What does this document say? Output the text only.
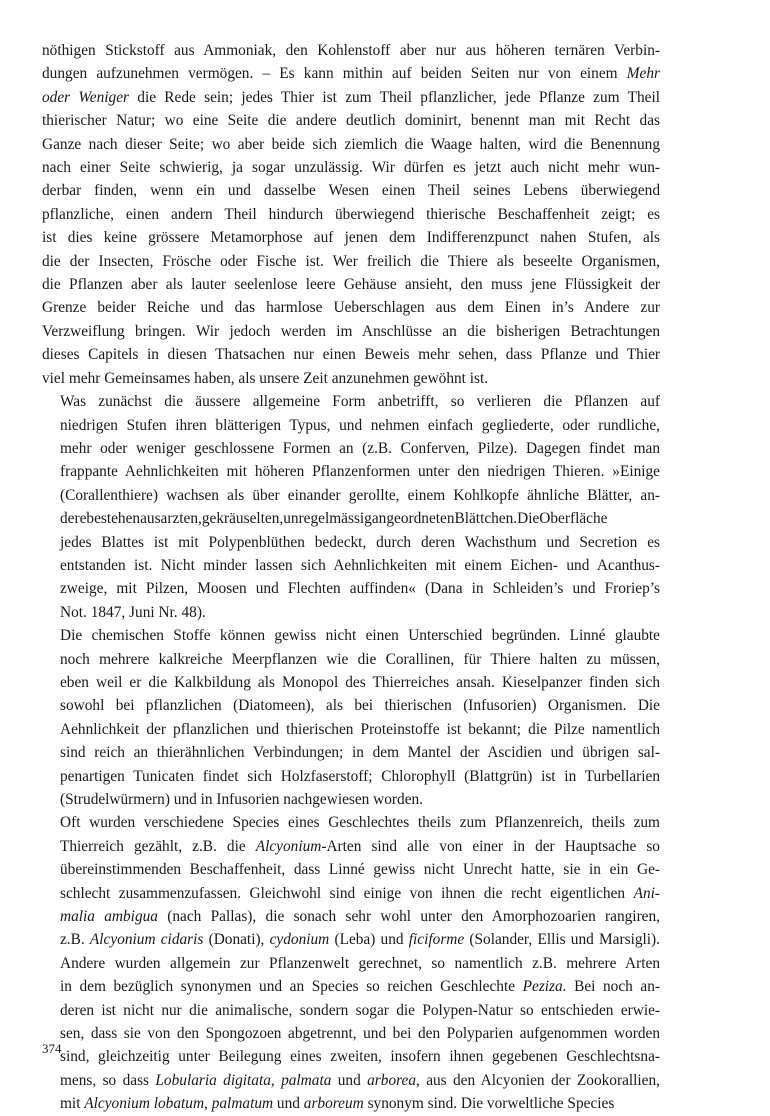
nöthigen Stickstoff aus Ammoniak, den Kohlenstoff aber nur aus höheren ternären Verbin-
dungen aufzunehmen vermögen. – Es kann mithin auf beiden Seiten nur von einem Mehr
oder Weniger die Rede sein; jedes Thier ist zum Theil pflanzlicher, jede Pflanze zum Theil
thierischer Natur; wo eine Seite die andere deutlich dominirt, benennt man mit Recht das
Ganze nach dieser Seite; wo aber beide sich ziemlich die Waage halten, wird die Benennung
nach einer Seite schwierig, ja sogar unzulässig. Wir dürfen es jetzt auch nicht mehr wun-
derbar finden, wenn ein und dasselbe Wesen einen Theil seines Lebens überwiegend
pflanzliche, einen andern Theil hindurch überwiegend thierische Beschaffenheit zeigt; es
ist dies keine grössere Metamorphose auf jenen dem Indifferenzpunct nahen Stufen, als
die der Insecten, Frösche oder Fische ist. Wer freilich die Thiere als beseelte Organismen,
die Pflanzen aber als lauter seelenlose leere Gehäuse ansieht, den muss jene Flüssigkeit der
Grenze beider Reiche und das harmlose Ueberschlagen aus dem Einen in’s Andere zur
Verzweiflung bringen. Wir jedoch werden im Anschlüsse an die bisherigen Betrachtungen
dieses Capitels in diesen Thatsachen nur einen Beweis mehr sehen, dass Pflanze und Thier
viel mehr Gemeinsames haben, als unsere Zeit anzunehmen gewöhnt ist.

Was zunächst die äussere allgemeine Form anbetrifft, so verlieren die Pflanzen auf
niedrigen Stufen ihren blätterigen Typus, und nehmen einfach gegliederte, oder rundliche,
mehr oder weniger geschlossene Formen an (z.B. Conferven, Pilze). Dagegen findet man
frappante Aehnlichkeiten mit höheren Pflanzenformen unter den niedrigen Thieren. »Einige
(Corallenthiere) wachsen als über einander gerollte, einem Kohlkopfe ähnliche Blätter, an-
derebestehenausarzten,gekräuselten,unregelmässigangeordnetenBlättchen.DieOberfläche
jedes Blattes ist mit Polypenblüthen bedeckt, durch deren Wachsthum und Secretion es
entstanden ist. Nicht minder lassen sich Aehnlichkeiten mit einem Eichen- und Acanthus-
zweige, mit Pilzen, Moosen und Flechten auffinden« (Dana in Schleiden’s und Froriep’s
Not. 1847, Juni Nr. 48).

Die chemischen Stoffe können gewiss nicht einen Unterschied begründen. Linné glaubte
noch mehrere kalkreiche Meerpflanzen wie die Corallinen, für Thiere halten zu müssen,
eben weil er die Kalkbildung als Monopol des Thierreiches ansah. Kieselpanzer finden sich
sowohl bei pflanzlichen (Diatomeen), als bei thierischen (Infusorien) Organismen. Die
Aehnlichkeit der pflanzlichen und thierischen Proteinstoffe ist bekannt; die Pilze namentlich
sind reich an thierähnlichen Verbindungen; in dem Mantel der Ascidien und übrigen sal-
penartigen Tunicaten findet sich Holzfaserstoff; Chlorophyll (Blattgrün) ist in Turbellarien
(Strudelwürmern) und in Infusorien nachgewiesen worden.

Oft wurden verschiedene Species eines Geschlechtes theils zum Pflanzenreich, theils zum
Thierreich gezählt, z.B. die Alcyonium-Arten sind alle von einer in der Hauptsache so
übereinstimmenden Beschaffenheit, dass Linné gewiss nicht Unrecht hatte, sie in ein Ge-
schlecht zusammenzufassen. Gleichwohl sind einige von ihnen die recht eigentlichen Ani-
malia ambigua (nach Pallas), die sonach sehr wohl unter den Amorphozoarien rangiren,
z.B. Alcyonium cidaris (Donati), cydonium (Leba) und ficiforme (Solander, Ellis und Marsigli).
Andere wurden allgemein zur Pflanzenwelt gerechnet, so namentlich z.B. mehrere Arten
in dem bezüglich synonymen und an Species so reichen Geschlechte Peziza. Bei noch an-
deren ist nicht nur die animalische, sondern sogar die Polypen-Natur so entschieden erwie-
sen, dass sie von den Spongozoen abgetrennt, und bei den Polyparien aufgenommen worden
sind, gleichzeitig unter Beilegung eines zweiten, insofern ihnen gegebenen Geschlechtsna-
mens, so dass Lobularia digitata, palmata und arborea, aus den Alcyonien der Zookorallien,
mit Alcyonium lobatum, palmatum und arboreum synonym sind. Die vorweltliche Species

374
